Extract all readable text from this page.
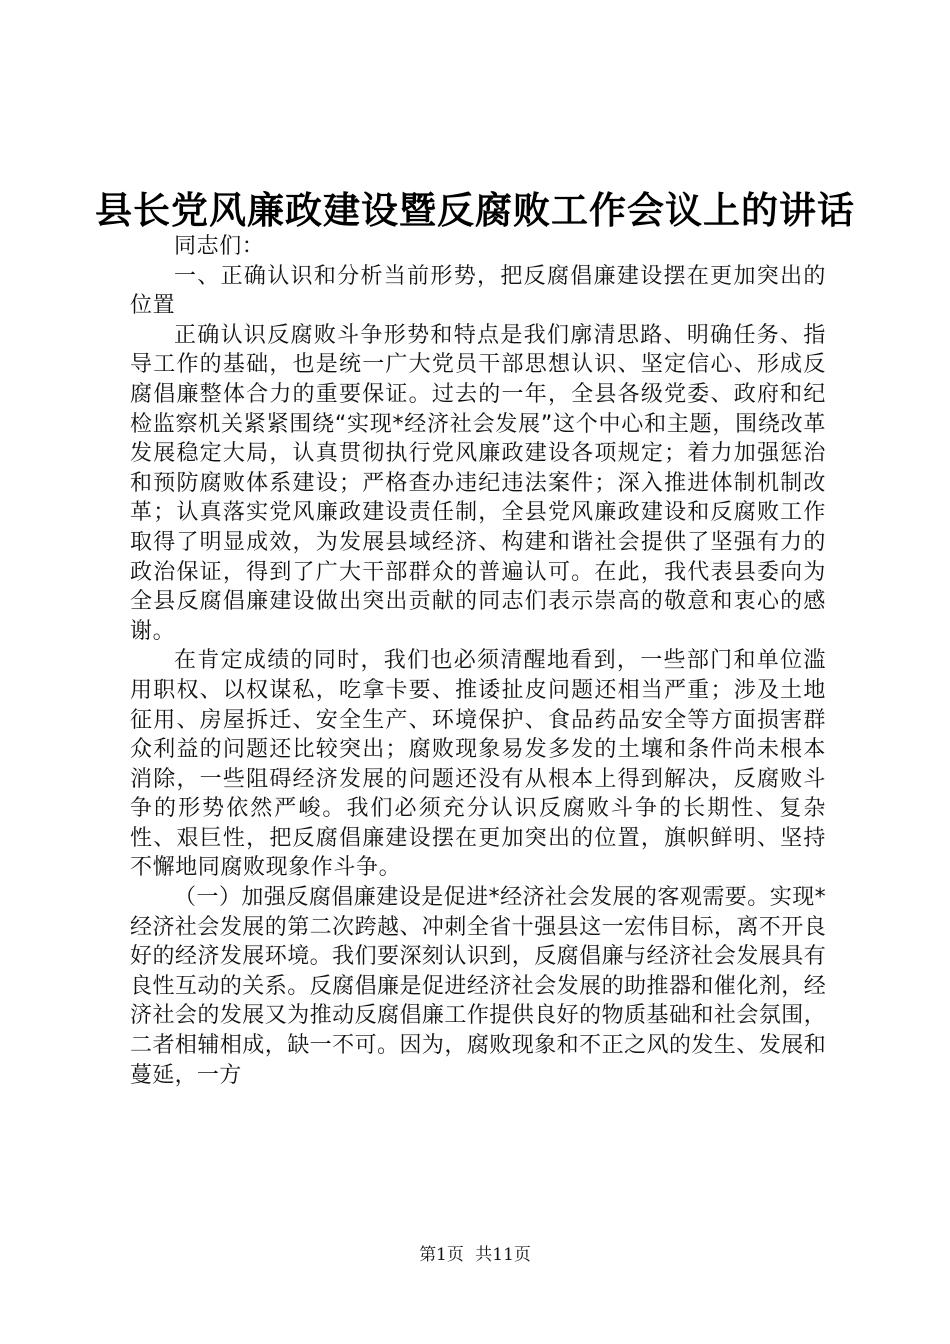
县长党风廉政建设暨反腐败工作会议上的讲话

同志们：

一、正确认识和分析当前形势，把反腐倡廉建设摆在更加突出的位置

正确认识反腐败斗争形势和特点是我们廓清思路、明确任务、指导工作的基础，也是统一广大党员干部思想认识、坚定信心、形成反腐倡廉整体合力的重要保证。过去的一年，全县各级党委、政府和纪检监察机关紧紧围绕“实现*经济社会发展”这个中心和主题，围绕改革发展稳定大局，认真贯彻执行党风廉政建设各项规定；着力加强惩治和预防腐败体系建设；严格查办违纪违法案件；深入推进体制机制改革；认真落实党风廉政建设责任制，全县党风廉政建设和反腐败工作取得了明显成效，为发展县域经济、构建和谐社会提供了坚强有力的政治保证，得到了广大干部群众的普遍认可。在此，我代表县委向为全县反腐倡廉建设做出突出贡献的同志们表示崇高的敬意和衷心的感谢。

在肯定成绩的同时，我们也必须清醒地看到，一些部门和单位滥用职权、以权谋私，吃拿卡要、推诿扯皮问题还相当严重；涉及土地征用、房屋拆迁、安全生产、环境保护、食品药品安全等方面损害群众利益的问题还比较突出；腐败现象易发多发的土壤和条件尚未根本消除，一些阻碍经济发展的问题还没有从根本上得到解决，反腐败斗争的形势依然严峻。我们必须充分认识反腐败斗争的长期性、复杂性、艰巨性，把反腐倡廉建设摆在更加突出的位置，旗帜鲜明、坚持不懈地同腐败现象作斗争。

（一）加强反腐倡廉建设是促进*经济社会发展的客观需要。实现*经济社会发展的第二次跨越、冲刺全省十强县这一宏伟目标，离不开良好的经济发展环境。我们要深刻认识到，反腐倡廉与经济社会发展具有良性互动的关系。反腐倡廉是促进经济社会发展的助推器和催化剂，经济社会的发展又为推动反腐倡廉工作提供良好的物质基础和社会氛围，二者相辅相成，缺一不可。因为，腐败现象和不正之风的发生、发展和蔓延，一方

第1页 共11页
